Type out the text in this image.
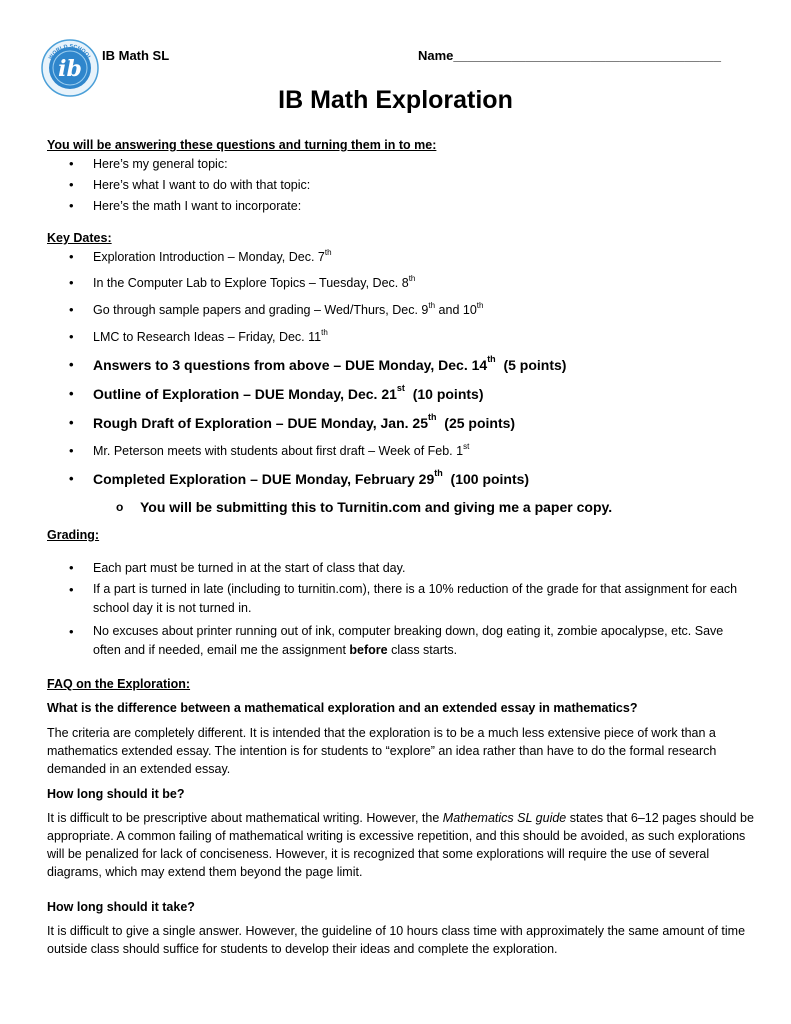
ib
WORLD SCHOOL IB Math SL	Name_____________________________________
IB Math Exploration
You will be answering these questions and turning them in to me:
• Here’s my general topic:
• Here’s what I want to do with that topic:
• Here’s the math I want to incorporate:
Key Dates:
• Exploration Introduction – Monday, Dec. 7th
• In the Computer Lab to Explore Topics – Tuesday, Dec. 8th
• Go through sample papers and grading – Wed/Thurs, Dec. 9th and 10th
• LMC to Research Ideas – Friday, Dec. 11th
• Answers to 3 questions from above – DUE Monday, Dec. 14th  (5 points)
• Outline of Exploration – DUE Monday, Dec. 21st  (10 points)
• Rough Draft of Exploration – DUE Monday, Jan. 25th  (25 points)
• Mr. Peterson meets with students about first draft – Week of Feb. 1st
• Completed Exploration – DUE Monday, February 29th  (100 points)
o You will be submitting this to Turnitin.com and giving me a paper copy.
Grading:
• Each part must be turned in at the start of class that day.
• If a part is turned in late (including to turnitin.com), there is a 10% reduction of the grade for that assignment for each school day it is not turned in.
• No excuses about printer running out of ink, computer breaking down, dog eating it, zombie apocalypse, etc. Save often and if needed, email me the assignment before class starts.
FAQ on the Exploration:
What is the difference between a mathematical exploration and an extended essay in mathematics?
The criteria are completely different. It is intended that the exploration is to be a much less extensive piece of work than a mathematics extended essay. The intention is for students to “explore” an idea rather than have to do the formal research demanded in an extended essay.
How long should it be?
It is difficult to be prescriptive about mathematical writing. However, the Mathematics SL guide states that 6–12 pages should be appropriate. A common failing of mathematical writing is excessive repetition, and this should be avoided, as such explorations will be penalized for lack of conciseness. However, it is recognized that some explorations will require the use of several diagrams, which may extend them beyond the page limit.
How long should it take?
It is difficult to give a single answer. However, the guideline of 10 hours class time with approximately the same amount of time outside class should suffice for students to develop their ideas and complete the exploration.
